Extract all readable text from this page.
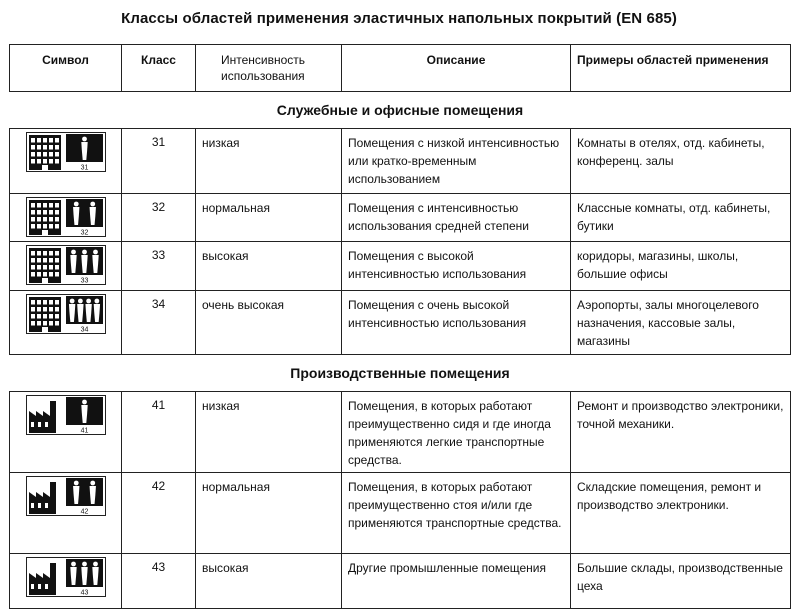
Классы областей применения эластичных напольных покрытий (EN 685)
Символ	Класс	Интенсивность использования	Описание	Примеры областей применения
Служебные и офисные помещения				

31	31	низкая	Помещения с низкой интенсивностью или кратко-временным использованием	Комнаты в отелях, отд. кабинеты, конференц. залы

32	32	нормальная	Помещения с интенсивностью использования средней степени	Классные комнаты, отд. кабинеты, бутики

33	33	высокая	Помещения с высокой интенсивностью использования	коридоры, магазины, школы, большие офисы

34	34	очень высокая	Помещения с очень высокой интенсивностью использования	Аэропорты, залы многоцелевого назначения, кассовые залы, магазины
Производственные помещения				

41	41	низкая	Помещения, в которых работают преимущественно сидя и где иногда применяются легкие транспортные средства.	Ремонт и производство электроники, точной механики.

42	42	нормальная	Помещения, в которых работают преимущественно стоя и/или где применяются транспортные средства.	Складские помещения, ремонт и производство электроники.

43	43	высокая	Другие промышленные помещения	Большие склады, производственные цеха
